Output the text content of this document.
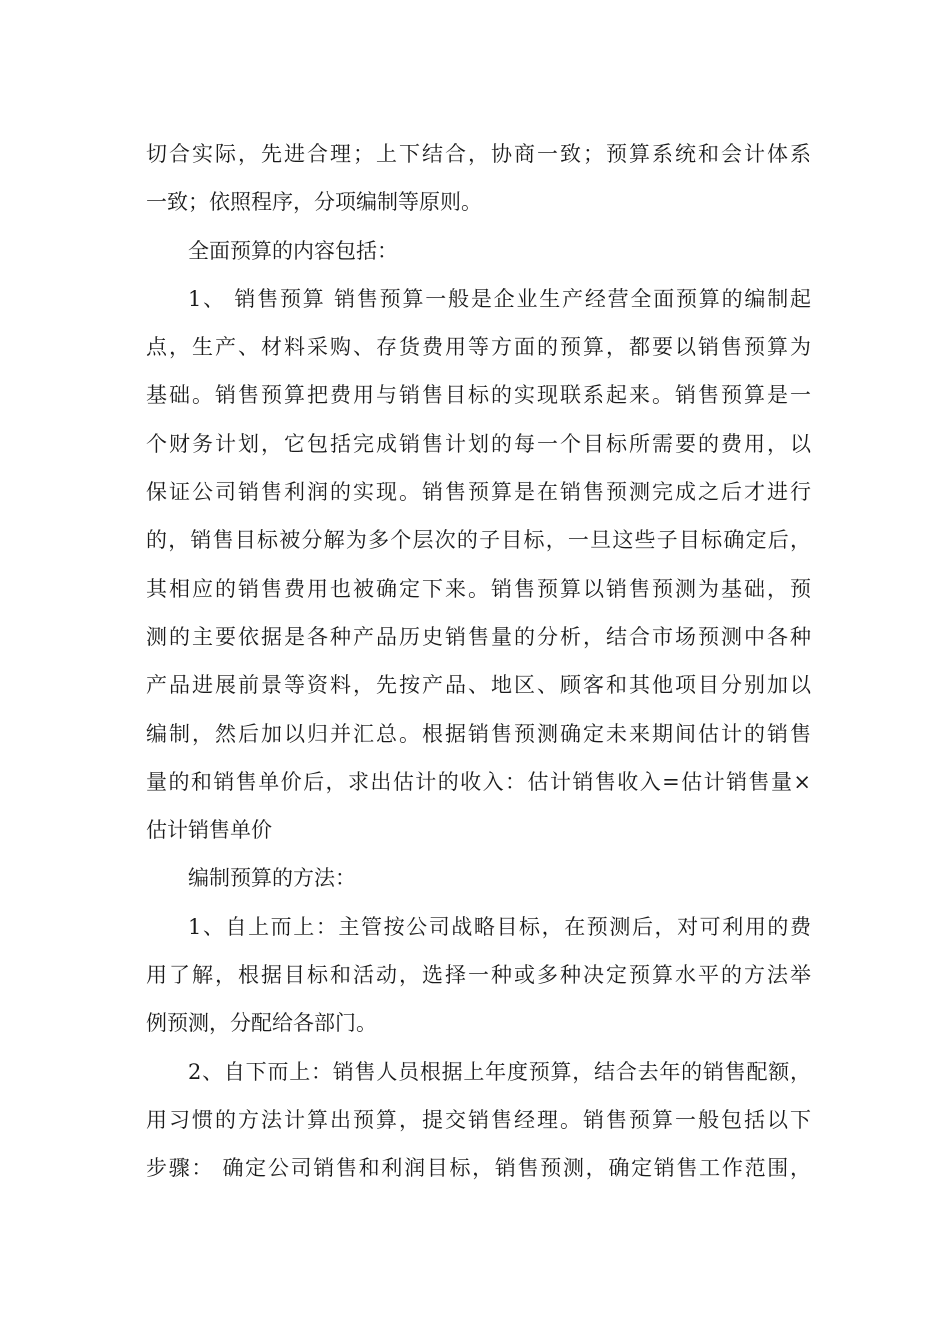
切合实际，先进合理；上下结合，协商一致；预算系统和会计体系
一致；依照程序，分项编制等原则。
全面预算的内容包括：
1、 销售预算 销售预算一般是企业生产经营全面预算的编制起
点，生产、材料采购、存货费用等方面的预算，都要以销售预算为
基础。销售预算把费用与销售目标的实现联系起来。销售预算是一
个财务计划，它包括完成销售计划的每一个目标所需要的费用，以
保证公司销售利润的实现。销售预算是在销售预测完成之后才进行
的，销售目标被分解为多个层次的子目标，一旦这些子目标确定后，
其相应的销售费用也被确定下来。销售预算以销售预测为基础，预
测的主要依据是各种产品历史销售量的分析，结合市场预测中各种
产品进展前景等资料，先按产品、地区、顾客和其他项目分别加以
编制，然后加以归并汇总。根据销售预测确定未来期间估计的销售
量的和销售单价后，求出估计的收入：估计销售收入=估计销售量×
估计销售单价
编制预算的方法：
1、自上而上：主管按公司战略目标，在预测后，对可利用的费
用了解，根据目标和活动，选择一种或多种决定预算水平的方法举
例预测，分配给各部门。
2、自下而上：销售人员根据上年度预算，结合去年的销售配额，
用习惯的方法计算出预算，提交销售经理。销售预算一般包括以下
步骤： 确定公司销售和利润目标，销售预测，确定销售工作范围，
